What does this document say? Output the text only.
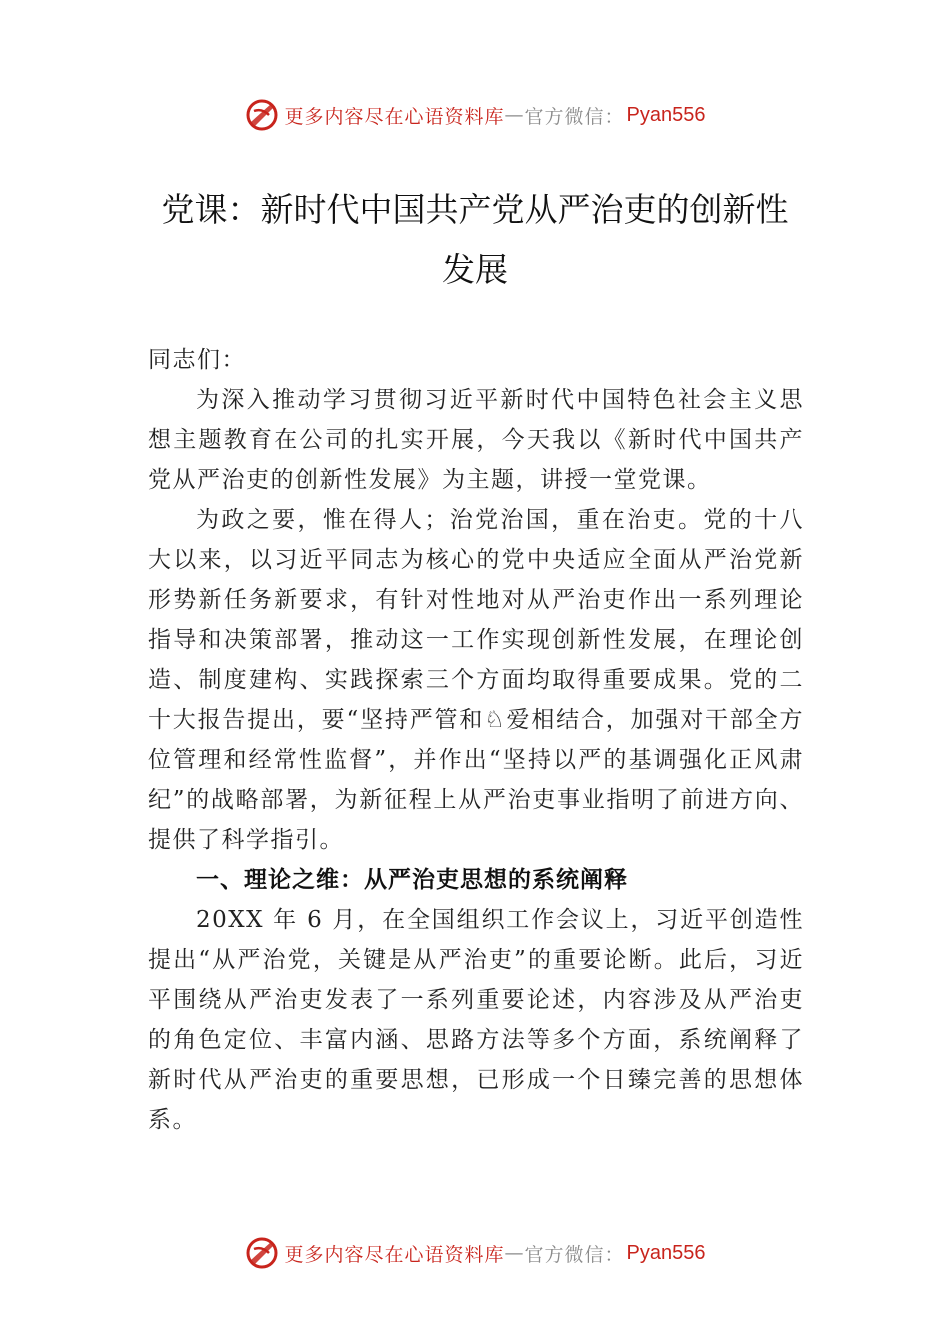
更多内容尽在心语资料库 — 官方微信： Pyan556
党课：新时代中国共产党从严治吏的创新性发展

同志们：

为深入推动学习贯彻习近平新时代中国特色社会主义思想主题教育在公司的扎实开展，今天我以《新时代中国共产党从严治吏的创新性发展》为主题，讲授一堂党课。

为政之要，惟在得人；治党治国，重在治吏。党的十八大以来，以习近平同志为核心的党中央适应全面从严治党新形势新任务新要求，有针对性地对从严治吏作出一系列理论指导和决策部署，推动这一工作实现创新性发展，在理论创造、制度建构、实践探索三个方面均取得重要成果。党的二十大报告提出，要“坚持严管和♘爱相结合，加强对干部全方位管理和经常性监督”，并作出“坚持以严的基调强化正风肃纪”的战略部署，为新征程上从严治吏事业指明了前进方向、提供了科学指引。

一、理论之维：从严治吏思想的系统阐释

20XX 年 6 月，在全国组织工作会议上，习近平创造性提出“从严治党，关键是从严治吏”的重要论断。此后，习近平围绕从严治吏发表了一系列重要论述，内容涉及从严治吏的角色定位、丰富内涵、思路方法等多个方面，系统阐释了新时代从严治吏的重要思想，已形成一个日臻完善的思想体系。

更多内容尽在心语资料库 — 官方微信： Pyan556
